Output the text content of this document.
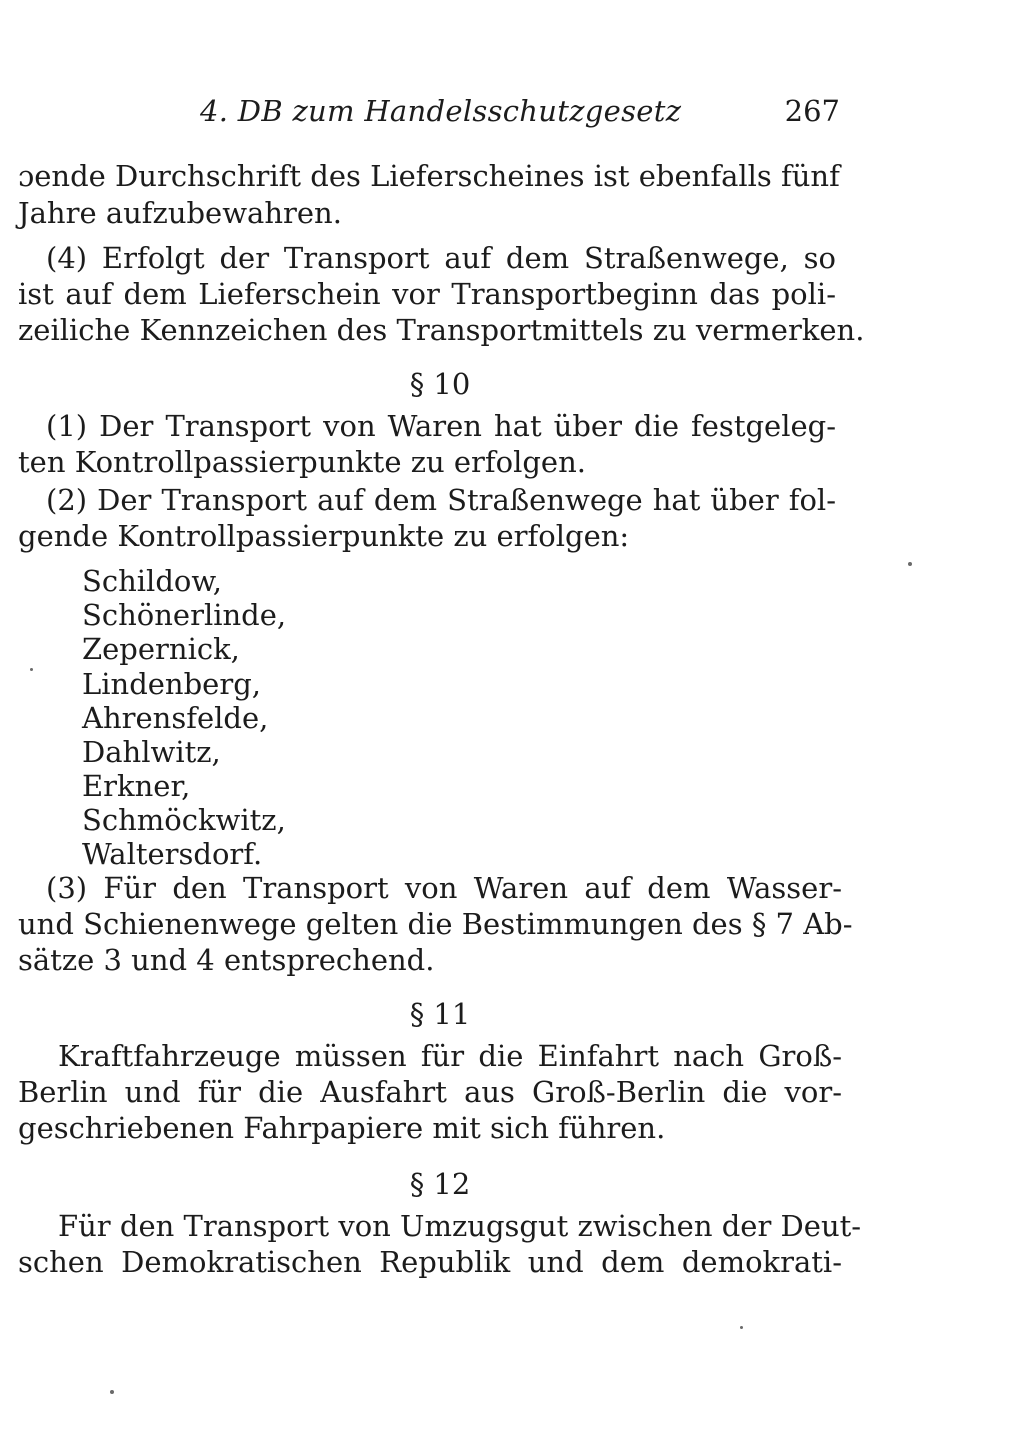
4. DB zum Handelsschutzgesetz	267
ɔende Durchschrift des Lieferscheines ist ebenfalls fünf
Jahre aufzubewahren.
(4) Erfolgt der Transport auf dem Straßenwege, so
ist auf dem Lieferschein vor Transportbeginn das poli-
zeiliche Kennzeichen des Transportmittels zu vermerken.
§ 10
(1) Der Transport von Waren hat über die festgeleg-
ten Kontrollpassierpunkte zu erfolgen.
(2) Der Transport auf dem Straßenwege hat über fol-
gende Kontrollpassierpunkte zu erfolgen:
Schildow,
Schönerlinde,
Zepernick,
Lindenberg,
Ahrensfelde,
Dahlwitz,
Erkner,
Schmöckwitz,
Waltersdorf.
(3) Für den Transport von Waren auf dem Wasser-
und Schienenwege gelten die Bestimmungen des § 7 Ab-
sätze 3 und 4 entsprechend.
§ 11
Kraftfahrzeuge müssen für die Einfahrt nach Groß-
Berlin und für die Ausfahrt aus Groß-Berlin die vor-
geschriebenen Fahrpapiere mit sich führen.
§ 12
Für den Transport von Umzugsgut zwischen der Deut-
schen Demokratischen Republik und dem demokrati-
